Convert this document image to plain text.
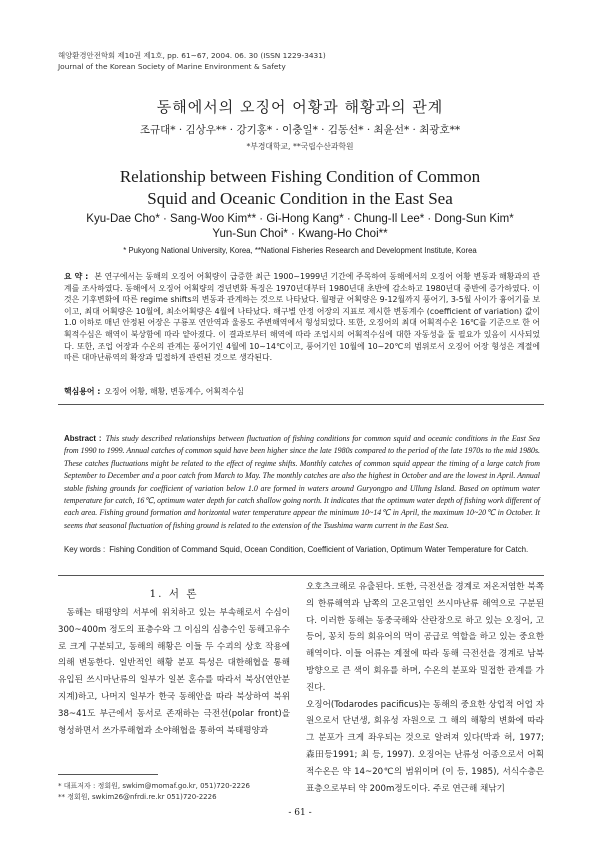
해양환경안전학회 제10권 제1호, pp. 61~67, 2004. 06. 30 (ISSN 1229-3431)
Journal of the Korean Society of Marine Environment & Safety
동해에서의 오징어 어황과 해황과의 관계
조규대* · 김상우** · 강기홍* · 이충일* · 김동선* · 최윤선* · 최광호**
*부경대학교, **국립수산과학원
Relationship between Fishing Condition of Common
Squid and Oceanic Condition in the East Sea
Kyu-Dae Cho* · Sang-Woo Kim** · Gi-Hong Kang* · Chung-Il Lee* · Dong-Sun Kim*
Yun-Sun Choi* · Kwang-Ho Choi**
* Pukyong National University, Korea, **National Fisheries Research and Development Institute, Korea
요 약 : 본 연구에서는 동해의 오징어 어획량이 급증한 최근 1900~1999년 기간에 주목하여 동해에서의 오징어 어황 변동과 해황과의 관계를 조사하였다. 동해에서 오징어 어획량의 경년변화 특징은 1970년대부터 1980년대 초반에 감소하고 1980년대 중반에 증가하였다. 이것은 기후변화에 따른 regime shifts의 변동과 관계하는 것으로 나타났다. 월평균 어획량은 9-12월까지 풍어기, 3-5월 사이가 흉어기를 보이고, 최대 어획량은 10월에, 최소어획량은 4월에 나타났다. 해구별 안정 어장의 지표로 제시한 변동계수 (coefficient of variation) 값이 1.0 이하로 매년 안정된 어장은 구룡포 연안역과 울릉도 주변해역에서 형성되었다. 또한, 오징어의 최대 어획적수온 16℃를 기준으로 한 어획적수심은 해역이 북상함에 따라 얕아졌다. 이 결과로부터 해역에 따라 조업시의 어획적수심에 대한 자동성을 둘 필요가 있음이 시사되었다. 또한, 조업 어장과 수온의 관계는 풍어기인 4월에 10~14℃이고, 풍어기인 10월에 10~20℃의 범위로서 오징어 어장 형성은 계절에 따른 대마난류역의 확장과 밀접하게 관련된 것으로 생각된다.
핵심용어 : 오징어 어황, 해황, 변동계수, 어획적수심
Abstract : This study described relationships between fluctuation of fishing conditions for common squid and oceanic conditions in the East Sea from 1990 to 1999. Annual catches of common squid have been higher since the late 1980s compared to the period of the late 1970s to the mid 1980s. These catches fluctuations might be related to the effect of regime shifts. Monthly catches of common squid appear the timing of a large catch from September to December and a poor catch from March to May. The monthly catches are also the highest in October and are the lowest in April. Annual stable fishing grounds for coefficient of variation below 1.0 are formed in waters around Guryongpo and Ullung Island. Based on optimum water temperature for catch, 16℃, optimum water depth for catch shallow going north. It indicates that the optimum water depth of fishing work different of each area. Fishing ground formation and horizontal water temperature appear the minimum 10~14℃ in April, the maximum 10~20℃ in October. It seems that seasonal fluctuation of fishing ground is related to the extension of the Tsushima warm current in the East Sea.
Key words : Fishing Condition of Command Squid, Ocean Condition, Coefficient of Variation, Optimum Water Temperature for Catch.
1. 서 론

동해는 태평양의 서부에 위치하고 있는 부속해로서 수심이 300~400m 정도의 표층수와 그 이심의 심층수인 동해고유수로 크게 구분되고, 동해의 해황은 이들 두 수괴의 상호 작용에 의해 변동한다. 일반적인 해황 분포 특성은 대한해협을 통해 유입된 쓰시마난류의 일부가 일본 혼슈를 따라서 북상(연안분지계)하고, 나머지 일부가 한국 동해안을 따라 북상하여 북위 38~41도 부근에서 동서로 존재하는 극전선(polar front)을 형성하면서 쓰가루해협과 소야해협을 통하여 북태평양과

오호츠크해로 유출된다. 또한, 극전선을 경계로 저온저염한 북쪽의 한류해역과 남쪽의 고온고염인 쓰시마난류 해역으로 구분된다. 이러한 동해는 동중국해와 산란장으로 하고 있는 오징어, 고등어, 꽁치 등의 회유어의 먹이 공급로 역할을 하고 있는 중요한 해역이다. 이들 어류는 계절에 따라 동해 극전선을 경계로 남북방향으로 큰 색이 회유를 하며, 수온의 분포와 밀접한 관계를 가진다.
오징어(Todarodes pacificus)는 동해의 중요한 상업적 어업 자원으로서 단년생, 회유성 자원으로 그 해의 해황의 변화에 따라 그 분포가 크게 좌우되는 것으로 알려져 있다(박과 허, 1977; 森田등1991; 최 등, 1997). 오징어는 난류성 어종으로서 어획 적수온은 약 14~20℃의 범위이며 (이 등, 1985), 서식수층은 표층으로부터 약 200m정도이다. 주로 연근해 채낚기

* 대표저자 : 정회원, swkim@momaf.go.kr, 051)720-2226
** 정회원, swkim26@nfrdi.re.kr 051)720-2226
- 61 -
